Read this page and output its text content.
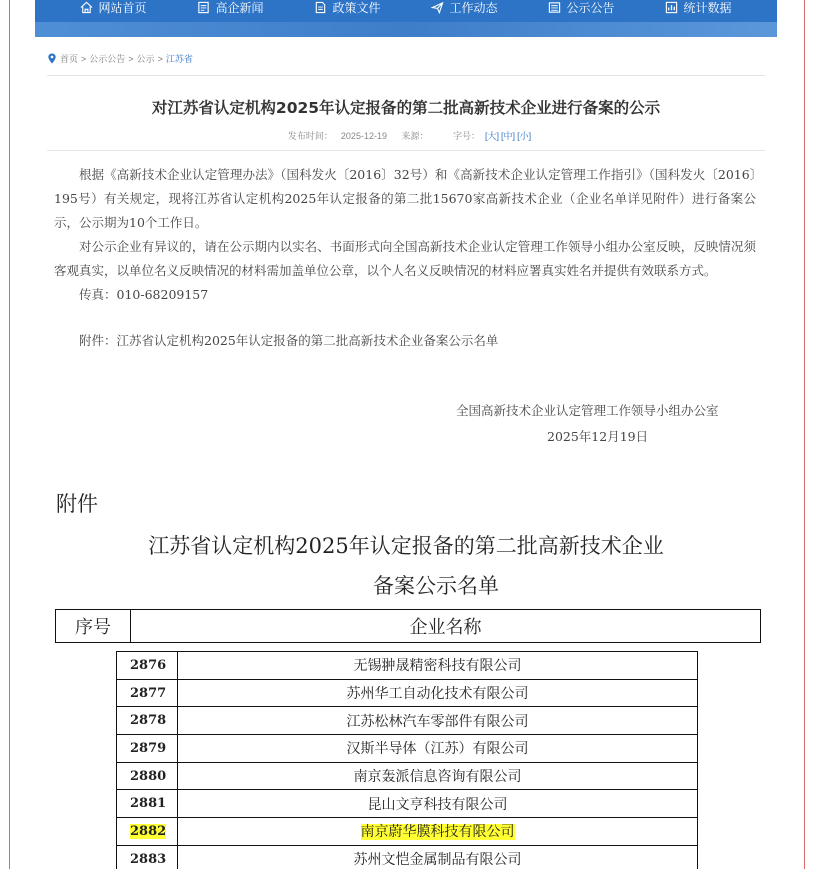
网站首页	高企新闻	政策文件	工作动态	公示公告	统计数据
首页 > 公示公告 > 公示 > 江苏省
对江苏省认定机构2025年认定报备的第二批高新技术企业进行备案的公示
发布时间： 2025-12-19 来源：	字号： [大] [中] [小]

根据《高新技术企业认定管理办法》（国科发火〔2016〕32号）和《高新技术企业认定管理工作指引》（国科发火〔2016〕195号）有关规定，现将江苏省认定机构2025年认定报备的第二批15670家高新技术企业（企业名单详见附件）进行备案公示，公示期为10个工作日。

对公示企业有异议的，请在公示期内以实名、书面形式向全国高新技术企业认定管理工作领导小组办公室反映，反映情况须客观真实，以单位名义反映情况的材料需加盖单位公章，以个人名义反映情况的材料应署真实姓名并提供有效联系方式。

传真：010-68209157

附件：江苏省认定机构2025年认定报备的第二批高新技术企业备案公示名单

全国高新技术企业认定管理工作领导小组办公室
2025年12月19日
附件
江苏省认定机构2025年认定报备的第二批高新技术企业
备案公示名单
序号	企业名称
2876	无锡翀晟精密科技有限公司
2877	苏州华工自动化技术有限公司
2878	江苏松林汽车零部件有限公司
2879	汉斯半导体（江苏）有限公司
2880	南京轰派信息咨询有限公司
2881	昆山文亨科技有限公司
2882	南京蔚华膜科技有限公司
2883	苏州文恺金属制品有限公司
